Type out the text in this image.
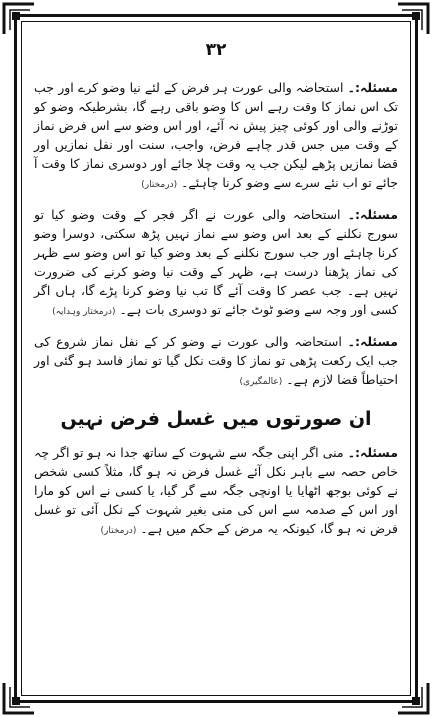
۳۲

مسئلہ:۔ استحاضہ والی عورت ہر فرض کے لئے نیا وضو کرے اور جب تک اس نماز کا وقت رہے اس کا وضو باقی رہے گا، بشرطیکہ وضو کو توڑنے والی اور کوئی چیز پیش نہ آئے، اور اس وضو سے اس فرض نماز کے وقت میں جس قدر چاہے فرض، واجب، سنت اور نفل نمازیں اور قضا نمازیں پڑھے لیکن جب یہ وقت چلا جائے اور دوسری نماز کا وقت آ جائے تو اب نئے سرے سے وضو کرنا چاہئے۔ (درمختار)

مسئلہ:۔ استحاضہ والی عورت نے اگر فجر کے وقت وضو کیا تو سورج نکلنے کے بعد اس وضو سے نماز نہیں پڑھ سکتی، دوسرا وضو کرنا چاہئے اور جب سورج نکلنے کے بعد وضو کیا تو اس وضو سے ظہر کی نماز پڑھنا درست ہے، ظہر کے وقت نیا وضو کرنے کی ضرورت نہیں ہے۔ جب عصر کا وقت آئے گا تب نیا وضو کرنا پڑے گا، ہاں اگر کسی اور وجہ سے وضو ٹوٹ جائے تو دوسری بات ہے۔ (درمختار وہدایہ)

مسئلہ:۔ استحاضہ والی عورت نے وضو کر کے نفل نماز شروع کی جب ایک رکعت پڑھی تو نماز کا وقت نکل گیا تو نماز فاسد ہو گئی اور احتیاطاً قضا لازم ہے۔ (عالمگیری)

ان صورتوں میں غسل فرض نہیں

مسئلہ:۔ منی اگر اپنی جگہ سے شہوت کے ساتھ جدا نہ ہو تو اگر چہ خاص حصہ سے باہر نکل آئے غسل فرض نہ ہو گا، مثلاً کسی شخص نے کوئی بوجھ اٹھایا یا اونچی جگہ سے گر گیا، یا کسی نے اس کو مارا اور اس کے صدمہ سے اس کی منی بغیر شہوت کے نکل آئی تو غسل فرض نہ ہو گا، کیونکہ یہ مرض کے حکم میں ہے۔ (درمختار)
